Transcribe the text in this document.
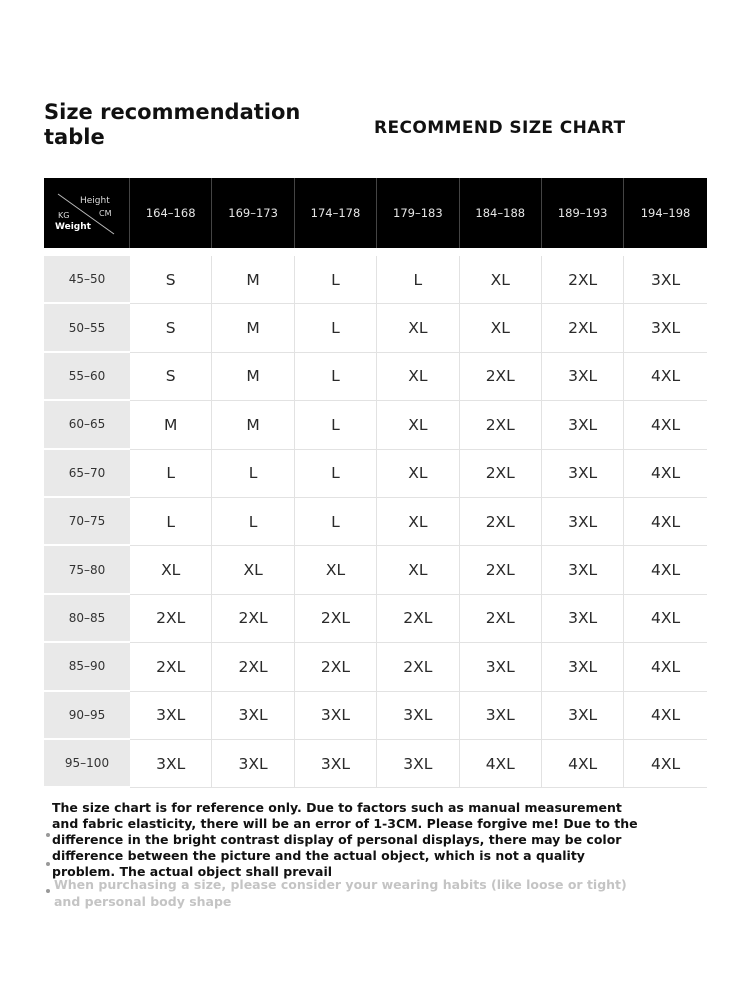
Size recommendation table	RECOMMEND SIZE CHART
Height
CM
KG
Weight
164–168	169–173	174–178	179–183	184–188	189–193	194–198
45–50	S	M	L	L	XL	2XL	3XL
50–55	S	M	L	XL	XL	2XL	3XL
55–60	S	M	L	XL	2XL	3XL	4XL
60–65	M	M	L	XL	2XL	3XL	4XL
65–70	L	L	L	XL	2XL	3XL	4XL
70–75	L	L	L	XL	2XL	3XL	4XL
75–80	XL	XL	XL	XL	2XL	3XL	4XL
80–85	2XL	2XL	2XL	2XL	2XL	3XL	4XL
85–90	2XL	2XL	2XL	2XL	3XL	3XL	4XL
90–95	3XL	3XL	3XL	3XL	3XL	3XL	4XL
95–100	3XL	3XL	3XL	3XL	4XL	4XL	4XL
The size chart is for reference only. Due to factors such as manual measurement and fabric elasticity, there will be an error of 1-3CM. Please forgive me! Due to the difference in the bright contrast display of personal displays, there may be color difference between the picture and the actual object, which is not a quality problem. The actual object shall prevail
When purchasing a size, please consider your wearing habits (like loose or tight) and personal body shape
